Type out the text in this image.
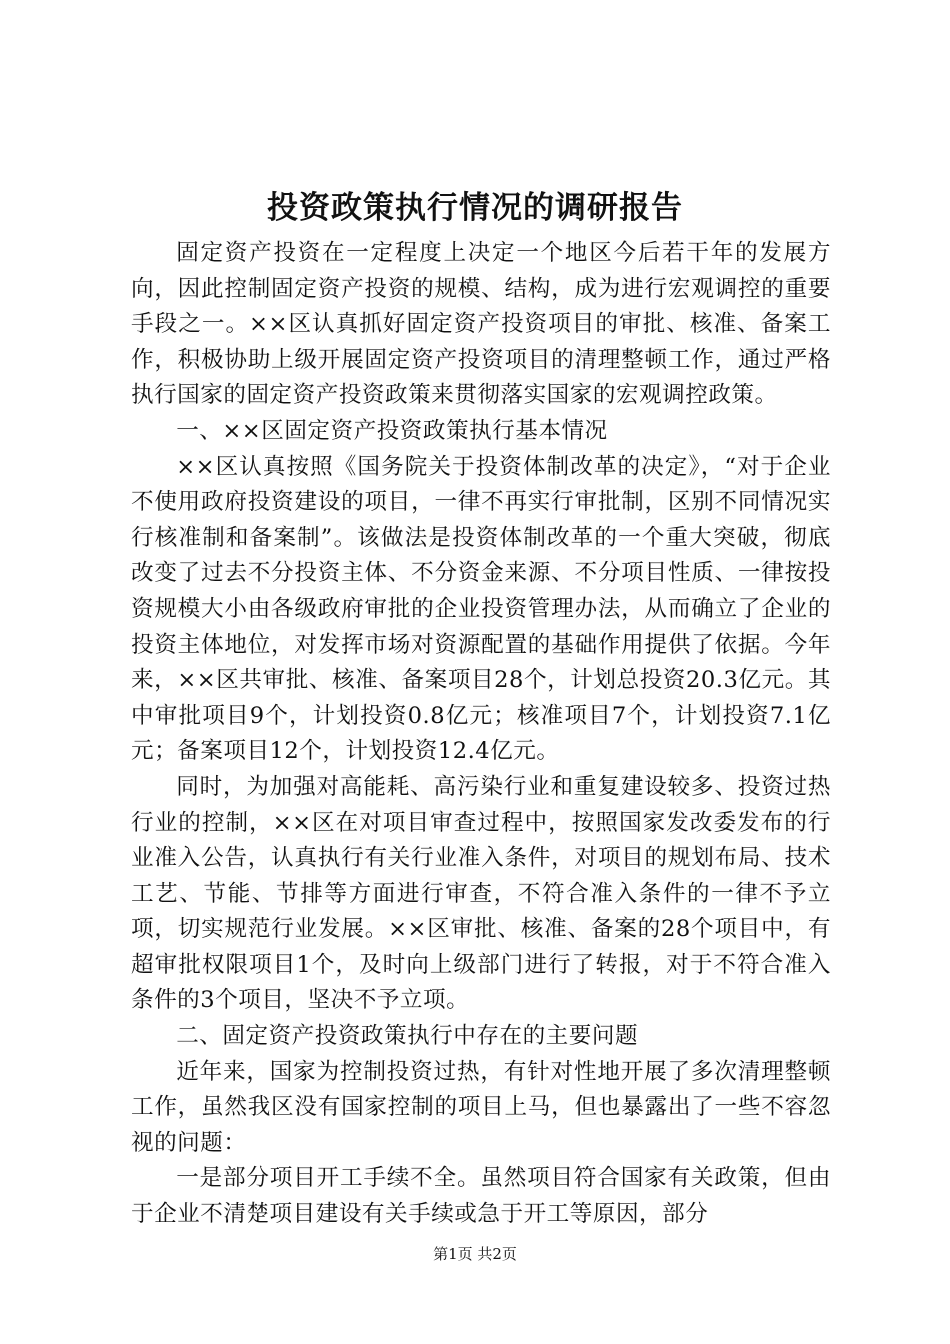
投资政策执行情况的调研报告

固定资产投资在一定程度上决定一个地区今后若干年的发展方向，因此控制固定资产投资的规模、结构，成为进行宏观调控的重要手段之一。××区认真抓好固定资产投资项目的审批、核准、备案工作，积极协助上级开展固定资产投资项目的清理整顿工作，通过严格执行国家的固定资产投资政策来贯彻落实国家的宏观调控政策。

一、××区固定资产投资政策执行基本情况

××区认真按照《国务院关于投资体制改革的决定》，“对于企业不使用政府投资建设的项目，一律不再实行审批制，区别不同情况实行核准制和备案制”。该做法是投资体制改革的一个重大突破，彻底改变了过去不分投资主体、不分资金来源、不分项目性质、一律按投资规模大小由各级政府审批的企业投资管理办法，从而确立了企业的投资主体地位，对发挥市场对资源配置的基础作用提供了依据。今年来，××区共审批、核准、备案项目28个，计划总投资20.3亿元。其中审批项目9个，计划投资0.8亿元；核准项目7个，计划投资7.1亿元；备案项目12个，计划投资12.4亿元。

同时，为加强对高能耗、高污染行业和重复建设较多、投资过热行业的控制，××区在对项目审查过程中，按照国家发改委发布的行业准入公告，认真执行有关行业准入条件，对项目的规划布局、技术工艺、节能、节排等方面进行审查，不符合准入条件的一律不予立项，切实规范行业发展。××区审批、核准、备案的28个项目中，有超审批权限项目1个，及时向上级部门进行了转报，对于不符合准入条件的3个项目，坚决不予立项。

二、固定资产投资政策执行中存在的主要问题

近年来，国家为控制投资过热，有针对性地开展了多次清理整顿工作，虽然我区没有国家控制的项目上马，但也暴露出了一些不容忽视的问题：

一是部分项目开工手续不全。虽然项目符合国家有关政策，但由于企业不清楚项目建设有关手续或急于开工等原因，部分

第1页 共2页
